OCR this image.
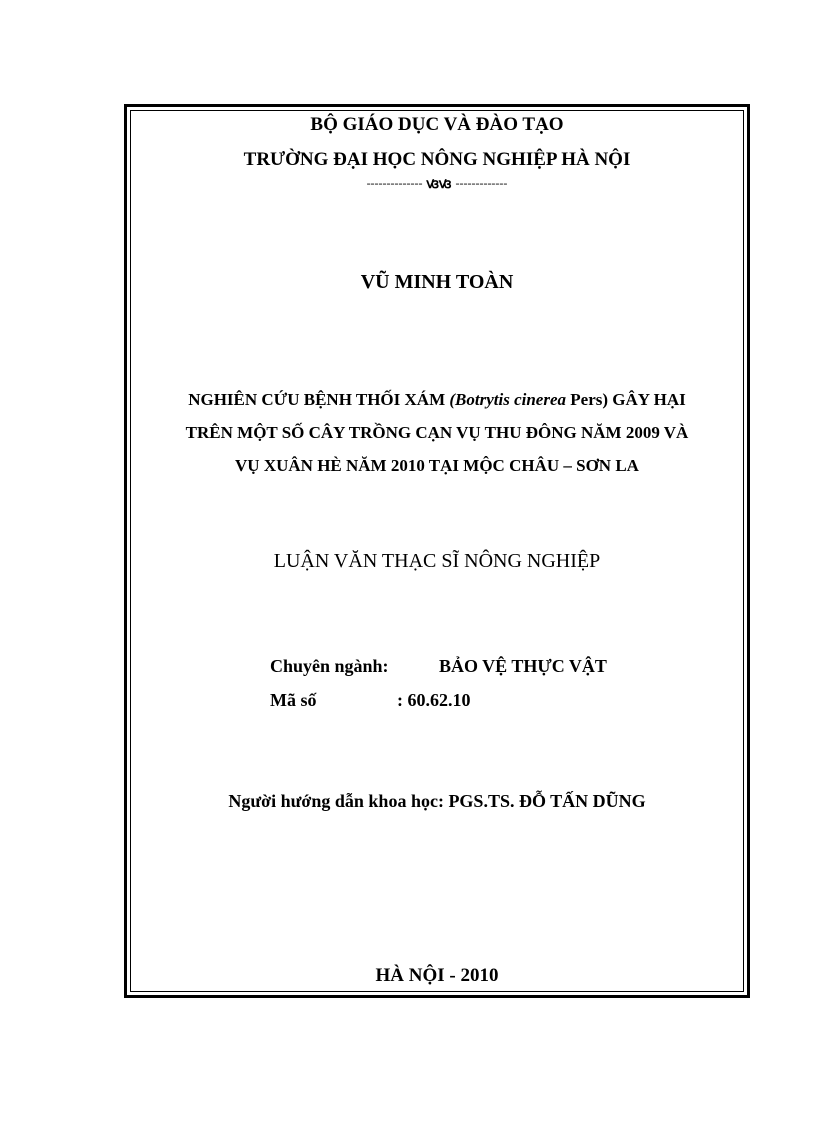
BỘ GIÁO DỤC VÀ ĐÀO TẠO
TRƯỜNG ĐẠI HỌC NÔNG NGHIỆP HÀ NỘI
-------------- ꟃꟃ -------------
VŨ MINH TOÀN
NGHIÊN CỨU BỆNH THỐI XÁM (Botrytis cinerea Pers) GÂY HẠI
TRÊN MỘT SỐ CÂY TRỒNG CẠN VỤ THU ĐÔNG NĂM 2009 VÀ
VỤ XUÂN HÈ NĂM 2010 TẠI MỘC CHÂU – SƠN LA
LUẬN VĂN THẠC SĨ NÔNG NGHIỆP
Chuyên ngành:	BẢO VỆ THỰC VẬT
Mã số	: 60.62.10
Người hướng dẫn khoa học: PGS.TS. ĐỖ TẤN DŨNG
HÀ NỘI - 2010
